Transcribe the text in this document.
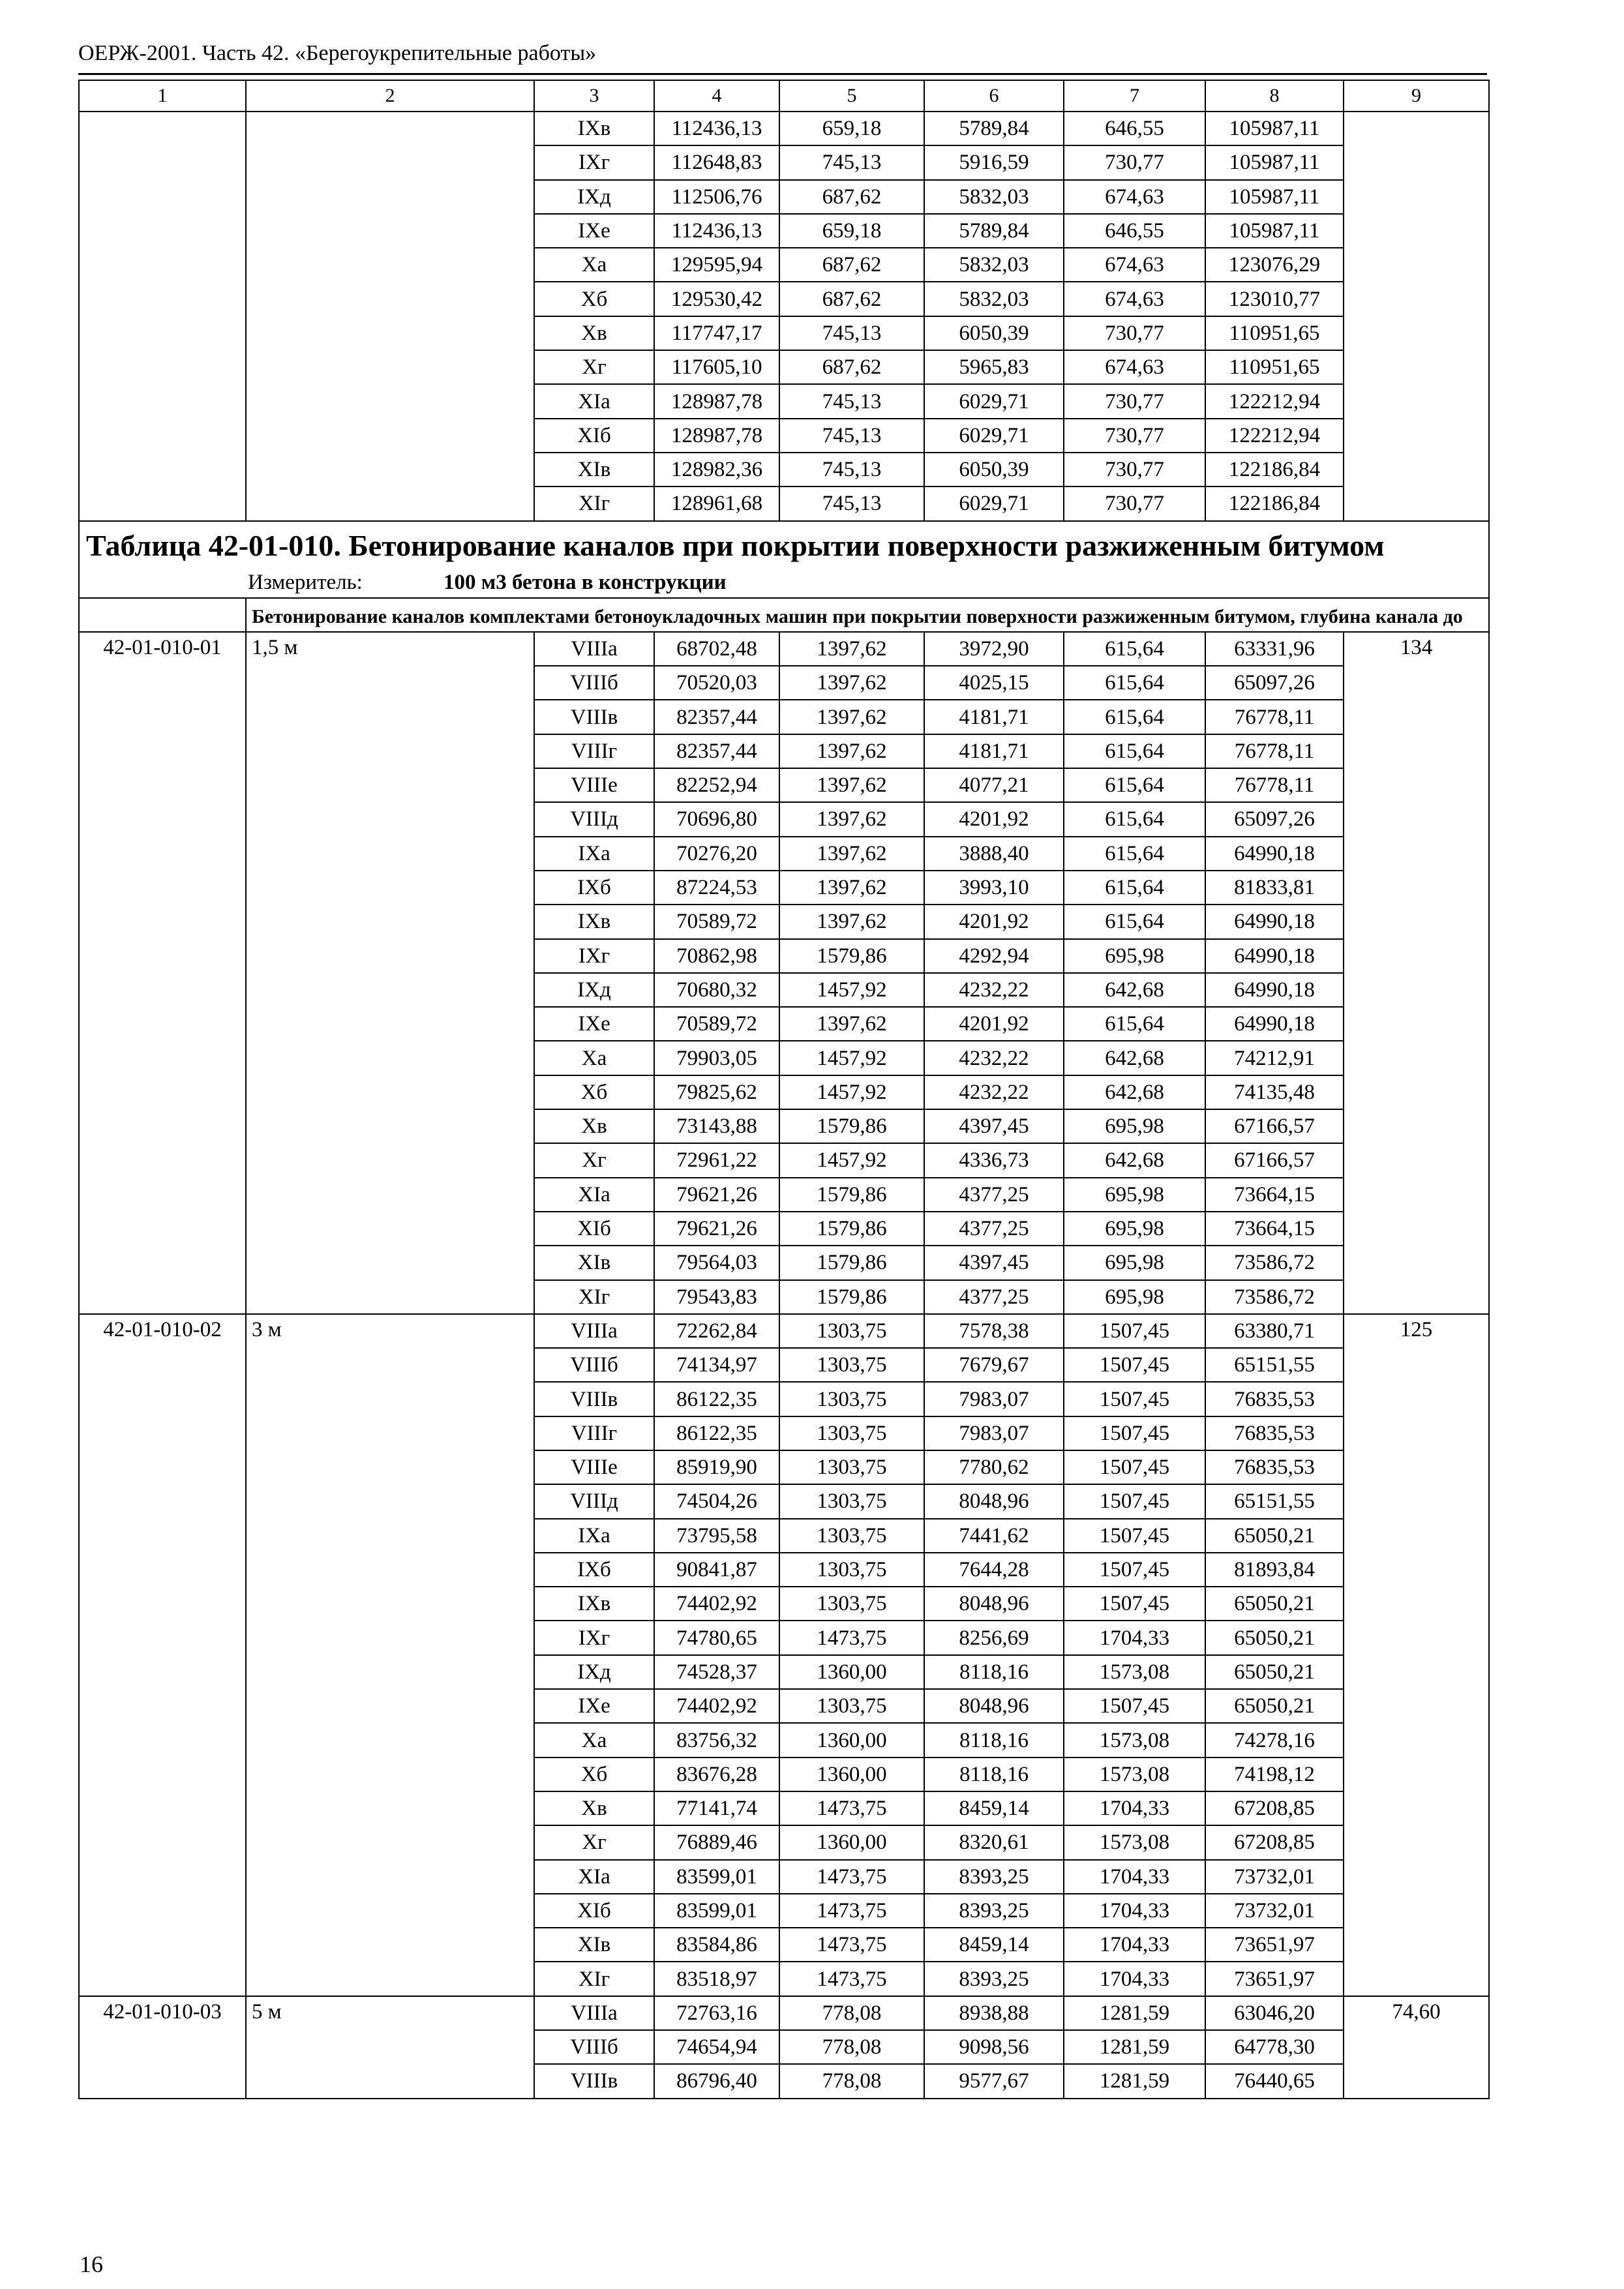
ОЕРЖ-2001. Часть 42. «Берегоукрепительные работы»
1	2	3	4	5	6	7	8	9
		IXв	112436,13	659,18	5789,84	646,55	105987,11	
		IXг	112648,83	745,13	5916,59	730,77	105987,11	
		IXд	112506,76	687,62	5832,03	674,63	105987,11	
		IXe	112436,13	659,18	5789,84	646,55	105987,11	
		Xa	129595,94	687,62	5832,03	674,63	123076,29	
		Xб	129530,42	687,62	5832,03	674,63	123010,77	
		Xв	117747,17	745,13	6050,39	730,77	110951,65	
		Xг	117605,10	687,62	5965,83	674,63	110951,65	
		XIa	128987,78	745,13	6029,71	730,77	122212,94	
		XIб	128987,78	745,13	6029,71	730,77	122212,94	
		XIв	128982,36	745,13	6050,39	730,77	122186,84	
		XIг	128961,68	745,13	6029,71	730,77	122186,84	
Таблица 42-01-010. Бетонирование каналов при покрытии поверхности разжиженным битумом								
Измеритель: 100 м3 бетона в конструкции								
	Бетонирование каналов комплектами бетоноукладочных машин при покрытии поверхности разжиженным битумом, глубина канала до							
42-01-010-01	1,5 м	VIIIa	68702,48	1397,62	3972,90	615,64	63331,96	134
		VIIIб	70520,03	1397,62	4025,15	615,64	65097,26	
		VIIIв	82357,44	1397,62	4181,71	615,64	76778,11	
		VIIIг	82357,44	1397,62	4181,71	615,64	76778,11	
		VIIIe	82252,94	1397,62	4077,21	615,64	76778,11	
		VIIIд	70696,80	1397,62	4201,92	615,64	65097,26	
		IXa	70276,20	1397,62	3888,40	615,64	64990,18	
		IXб	87224,53	1397,62	3993,10	615,64	81833,81	
		IXв	70589,72	1397,62	4201,92	615,64	64990,18	
		IXг	70862,98	1579,86	4292,94	695,98	64990,18	
		IXд	70680,32	1457,92	4232,22	642,68	64990,18	
		IXe	70589,72	1397,62	4201,92	615,64	64990,18	
		Xa	79903,05	1457,92	4232,22	642,68	74212,91	
		Xб	79825,62	1457,92	4232,22	642,68	74135,48	
		Xв	73143,88	1579,86	4397,45	695,98	67166,57	
		Xг	72961,22	1457,92	4336,73	642,68	67166,57	
		XIa	79621,26	1579,86	4377,25	695,98	73664,15	
		XIб	79621,26	1579,86	4377,25	695,98	73664,15	
		XIв	79564,03	1579,86	4397,45	695,98	73586,72	
		XIг	79543,83	1579,86	4377,25	695,98	73586,72	
42-01-010-02	3 м	VIIIa	72262,84	1303,75	7578,38	1507,45	63380,71	125
		VIIIб	74134,97	1303,75	7679,67	1507,45	65151,55	
		VIIIв	86122,35	1303,75	7983,07	1507,45	76835,53	
		VIIIг	86122,35	1303,75	7983,07	1507,45	76835,53	
		VIIIe	85919,90	1303,75	7780,62	1507,45	76835,53	
		VIIIд	74504,26	1303,75	8048,96	1507,45	65151,55	
		IXa	73795,58	1303,75	7441,62	1507,45	65050,21	
		IXб	90841,87	1303,75	7644,28	1507,45	81893,84	
		IXв	74402,92	1303,75	8048,96	1507,45	65050,21	
		IXг	74780,65	1473,75	8256,69	1704,33	65050,21	
		IXд	74528,37	1360,00	8118,16	1573,08	65050,21	
		IXe	74402,92	1303,75	8048,96	1507,45	65050,21	
		Xa	83756,32	1360,00	8118,16	1573,08	74278,16	
		Xб	83676,28	1360,00	8118,16	1573,08	74198,12	
		Xв	77141,74	1473,75	8459,14	1704,33	67208,85	
		Xг	76889,46	1360,00	8320,61	1573,08	67208,85	
		XIa	83599,01	1473,75	8393,25	1704,33	73732,01	
		XIб	83599,01	1473,75	8393,25	1704,33	73732,01	
		XIв	83584,86	1473,75	8459,14	1704,33	73651,97	
		XIг	83518,97	1473,75	8393,25	1704,33	73651,97	
42-01-010-03	5 м	VIIIa	72763,16	778,08	8938,88	1281,59	63046,20	74,60
		VIIIб	74654,94	778,08	9098,56	1281,59	64778,30	
		VIIIв	86796,40	778,08	9577,67	1281,59	76440,65	
16
